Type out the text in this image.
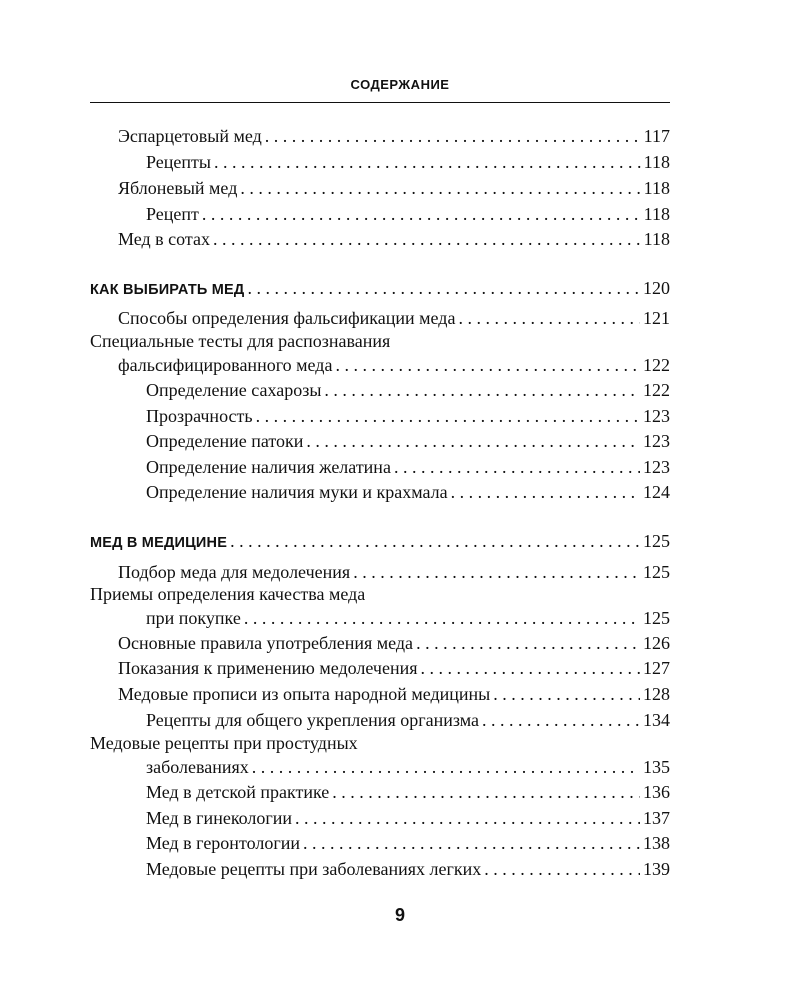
СОДЕРЖАНИЕ
Эспарцетовый мед . . .	117
Рецепты . . .	118
Яблоневый мед . . .	118
Рецепт . . .	118
Мед в сотах . . .	118
КАК ВЫБИРАТЬ МЕД . . .	120
Способы определения фальсификации меда . . .	121
Специальные тесты для распознавания
фальсифицированного меда . . .	122
Определение сахарозы . . .	122
Прозрачность . . .	123
Определение патоки . . .	123
Определение наличия желатина . . .	123
Определение наличия муки и крахмала . . .	124
МЕД В МЕДИЦИНЕ . . .	125
Подбор меда для медолечения . . .	125
Приемы определения качества меда
при покупке . . .	125
Основные правила употребления меда . . .	126
Показания к применению медолечения . . .	127
Медовые прописи из опыта народной медицины . . .	128
Рецепты для общего укрепления организма . . .	134
Медовые рецепты при простудных
заболеваниях . . .	135
Мед в детской практике . . .	136
Мед в гинекологии . . .	137
Мед в геронтологии . . .	138
Медовые рецепты при заболеваниях легких . . .	139
9
